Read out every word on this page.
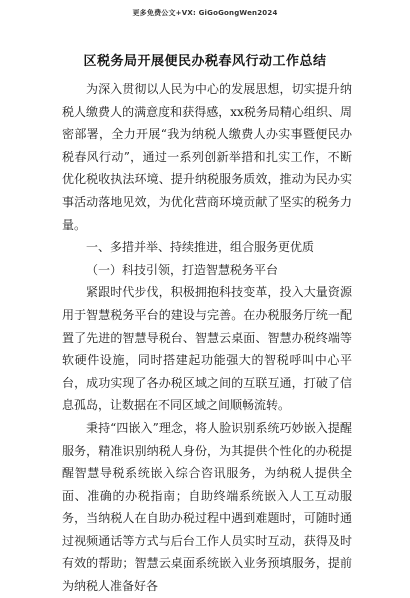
更多免费公文+VX: GiGoGongWen2024
区税务局开展便民办税春风行动工作总结

为深入贯彻以人民为中心的发展思想，切实提升纳税人缴费人的满意度和获得感，xx税务局精心组织、周密部署，全力开展“我为纳税人缴费人办实事暨便民办税春风行动”，通过一系列创新举措和扎实工作，不断优化税收执法环境、提升纳税服务质效，推动为民办实事活动落地见效，为优化营商环境贡献了坚实的税务力量。

一、多措并举、持续推进，组合服务更优质

（一）科技引领，打造智慧税务平台

紧跟时代步伐，积极拥抱科技变革，投入大量资源用于智慧税务平台的建设与完善。在办税服务厅统一配置了先进的智慧导税台、智慧云桌面、智慧办税终端等软硬件设施，同时搭建起功能强大的智税呼叫中心平台，成功实现了各办税区域之间的互联互通，打破了信息孤岛，让数据在不同区域之间顺畅流转。

秉持“四嵌入”理念，将人脸识别系统巧妙嵌入提醒服务，精准识别纳税人身份，为其提供个性化的办税提醒智慧导税系统嵌入综合咨讯服务，为纳税人提供全面、准确的办税指南；自助终端系统嵌入人工互动服务，当纳税人在自助办税过程中遇到难题时，可随时通过视频通话等方式与后台工作人员实时互动，获得及时有效的帮助；智慧云桌面系统嵌入业务预填服务，提前为纳税人准备好各
